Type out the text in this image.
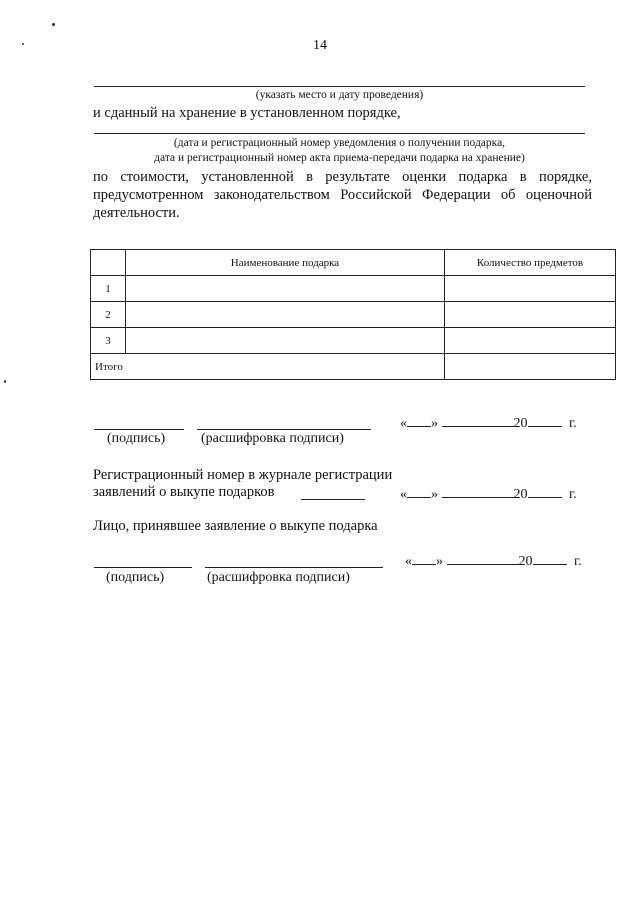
14
(указать место и дату проведения)
и сданный на хранение в установленном порядке,
(дата и регистрационный номер уведомления о получении подарка,
дата и регистрационный номер акта приема-передачи подарка на хранение)
по стоимости, установленной в результате оценки подарка в порядке,
предусмотренном законодательством Российской Федерации об оценочной
деятельности.
	Наименование подарка	Количество предметов
1		
2		
3		
Итого		
« »	20	г.
(подпись)	(расшифровка подписи)
Регистрационный номер в журнале регистрации
заявлений о выкупе подарков	« »	20	г.
Лицо, принявшее заявление о выкупе подарка
« »	20	г.
(подпись)	(расшифровка подписи)
